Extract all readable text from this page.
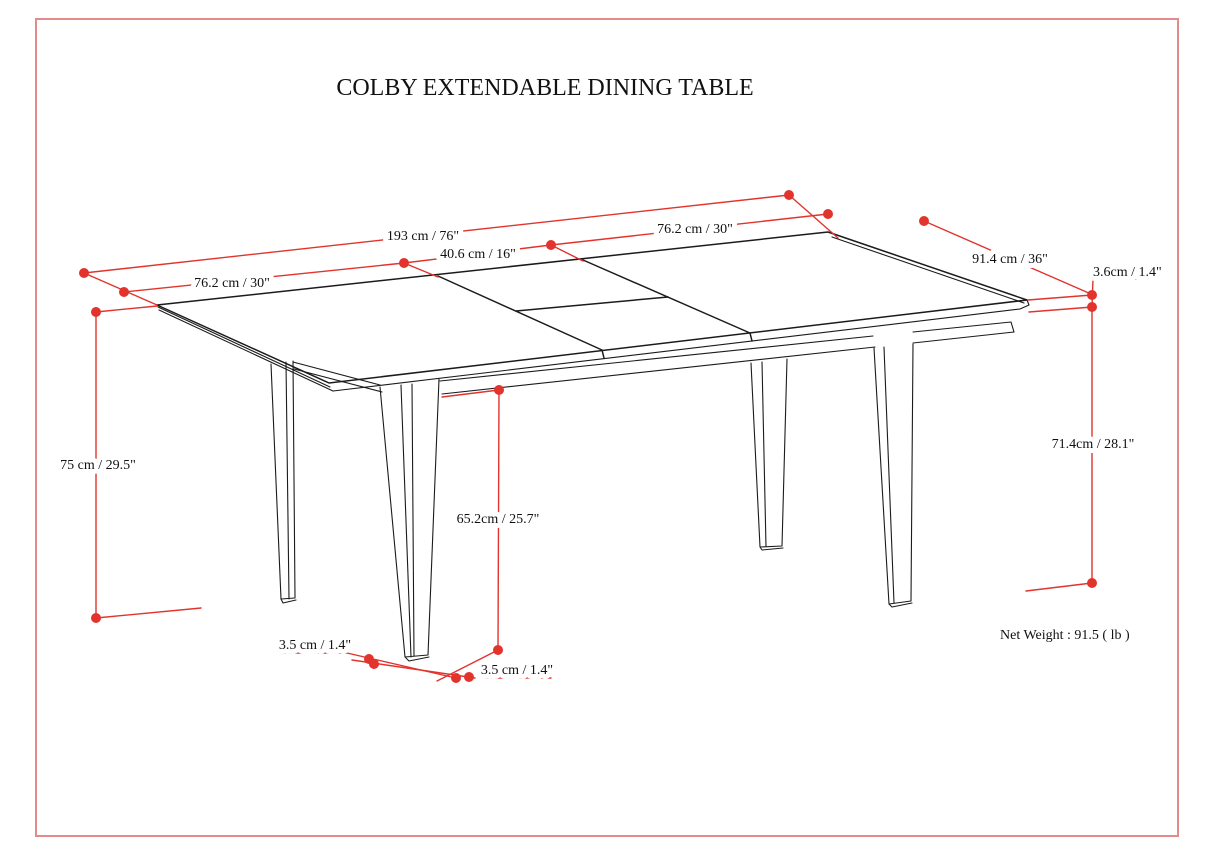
COLBY EXTENDABLE DINING TABLE
193 cm / 76"
76.2 cm / 30"
40.6 cm / 16"
76.2 cm / 30"
91.4 cm / 36"
3.6cm / 1.4"
71.4cm / 28.1"
75 cm / 29.5"
65.2cm / 25.7"
3.5 cm / 1.4"
3.5 cm / 1.4"
Net Weight : 91.5 ( lb )
